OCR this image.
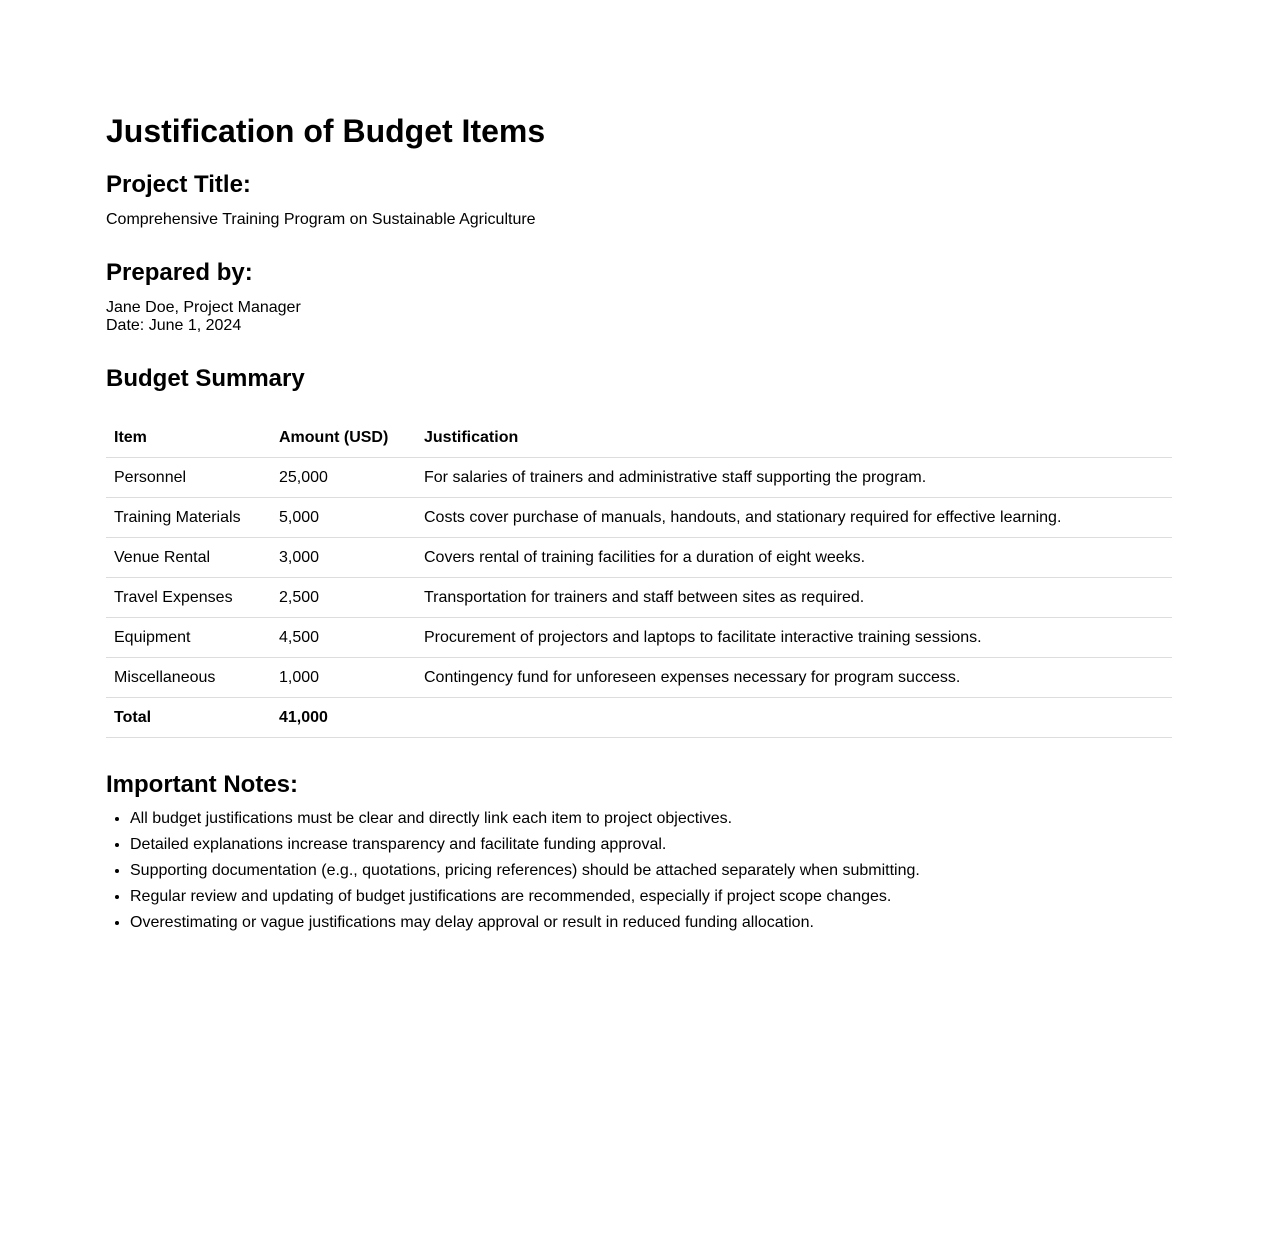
Justification of Budget Items
Project Title:

Comprehensive Training Program on Sustainable Agriculture

Prepared by:

Jane Doe, Project Manager
Date: June 1, 2024

Budget Summary
Item	Amount (USD)	Justification
Personnel	25,000	For salaries of trainers and administrative staff supporting the program.
Training Materials	5,000	Costs cover purchase of manuals, handouts, and stationary required for effective learning.
Venue Rental	3,000	Covers rental of training facilities for a duration of eight weeks.
Travel Expenses	2,500	Transportation for trainers and staff between sites as required.
Equipment	4,500	Procurement of projectors and laptops to facilitate interactive training sessions.
Miscellaneous	1,000	Contingency fund for unforeseen expenses necessary for program success.
Total	41,000	
Important Notes:
• All budget justifications must be clear and directly link each item to project objectives.
• Detailed explanations increase transparency and facilitate funding approval.
• Supporting documentation (e.g., quotations, pricing references) should be attached separately when submitting.
• Regular review and updating of budget justifications are recommended, especially if project scope changes.
• Overestimating or vague justifications may delay approval or result in reduced funding allocation.
